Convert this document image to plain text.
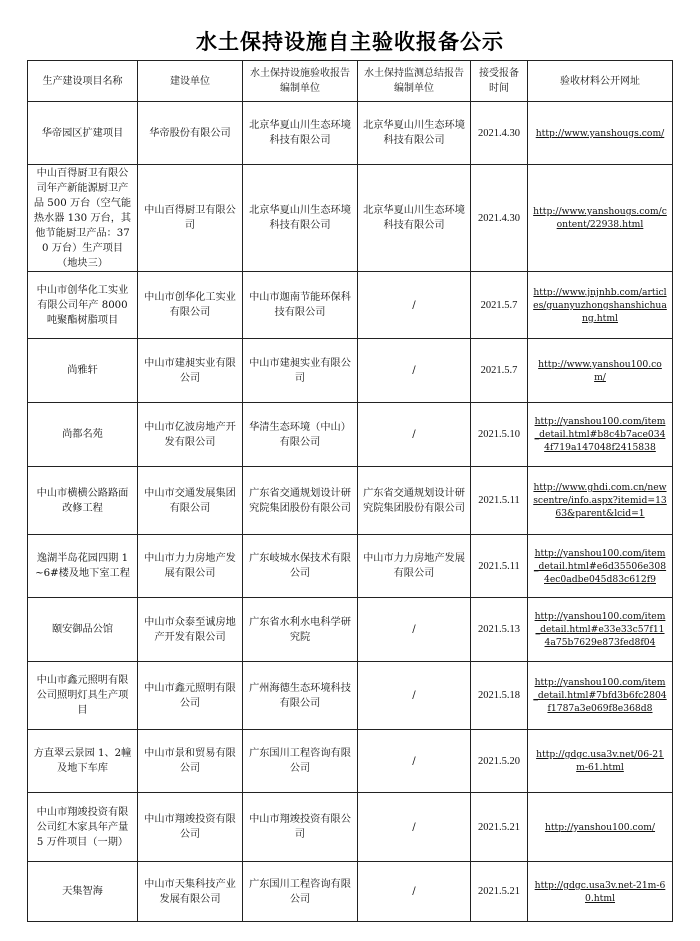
水土保持设施自主验收报备公示
生产建设项目名称	建设单位	水土保持设施验收报告编制单位	水土保持监测总结报告编制单位	接受报备时间	验收材料公开网址
华帝园区扩建项目	华帝股份有限公司	北京华夏山川生态环境科技有限公司	北京华夏山川生态环境科技有限公司	2021.4.30	http://www.yanshougs.com/
中山百得厨卫有限公司年产新能源厨卫产品 500 万台（空气能热水器 130 万台，其他节能厨卫产品：370 万台）生产项目（地块三）	中山百得厨卫有限公司	北京华夏山川生态环境科技有限公司	北京华夏山川生态环境科技有限公司	2021.4.30	http://www.yanshougs.com/content/22938.html
中山市创华化工实业有限公司年产 8000 吨聚酯树脂项目	中山市创华化工实业有限公司	中山市迦南节能环保科技有限公司	/	2021.5.7	http://www.jnjnhb.com/articles/guanyuzhongshanshichuang.html
尚雅轩	中山市建昶实业有限公司	中山市建昶实业有限公司	/	2021.5.7	http://www.yanshou100.com/
尚都名苑	中山市亿波房地产开发有限公司	华清生态环境（中山）有限公司	/	2021.5.10	http://yanshou100.com/item_detail.html#b8c4b7ace0344f719a147048f2415838
中山市横横公路路面改修工程	中山市交通发展集团有限公司	广东省交通规划设计研究院集团股份有限公司	广东省交通规划设计研究院集团股份有限公司	2021.5.11	http://www.ghdi.com.cn/newscentre/info.aspx?itemid=1363&parent&lcid=1
逸湖半岛花园四期 1~6#楼及地下室工程	中山市力力房地产发展有限公司	广东岐城水保技术有限公司	中山市力力房地产发展有限公司	2021.5.11	http://yanshou100.com/item_detail.html#e6d35506e3084ec0adbe045d83c612f9
颐安御品公馆	中山市众泰至诚房地产开发有限公司	广东省水利水电科学研究院	/	2021.5.13	http://yanshou100.com/item_detail.html#e33e33c57f114a75b7629e873fed8f04
中山市鑫元照明有限公司照明灯具生产项目	中山市鑫元照明有限公司	广州海德生态环境科技有限公司	/	2021.5.18	http://yanshou100.com/item_detail.html#7bfd3b6fc2804f1787a3e069f8e368d8
方直翠云景园 1、2幢及地下车库	中山市景和贸易有限公司	广东国川工程咨询有限公司	/	2021.5.20	http://gdgc.usa3v.net/06-21m-61.html
中山市翔竣投资有限公司红木家具年产量 5 万件项目（一期）	中山市翔竣投资有限公司	中山市翔竣投资有限公司	/	2021.5.21	http://yanshou100.com/
天集智海	中山市天集科技产业发展有限公司	广东国川工程咨询有限公司	/	2021.5.21	http://gdgc.usa3v.net-21m-60.html
